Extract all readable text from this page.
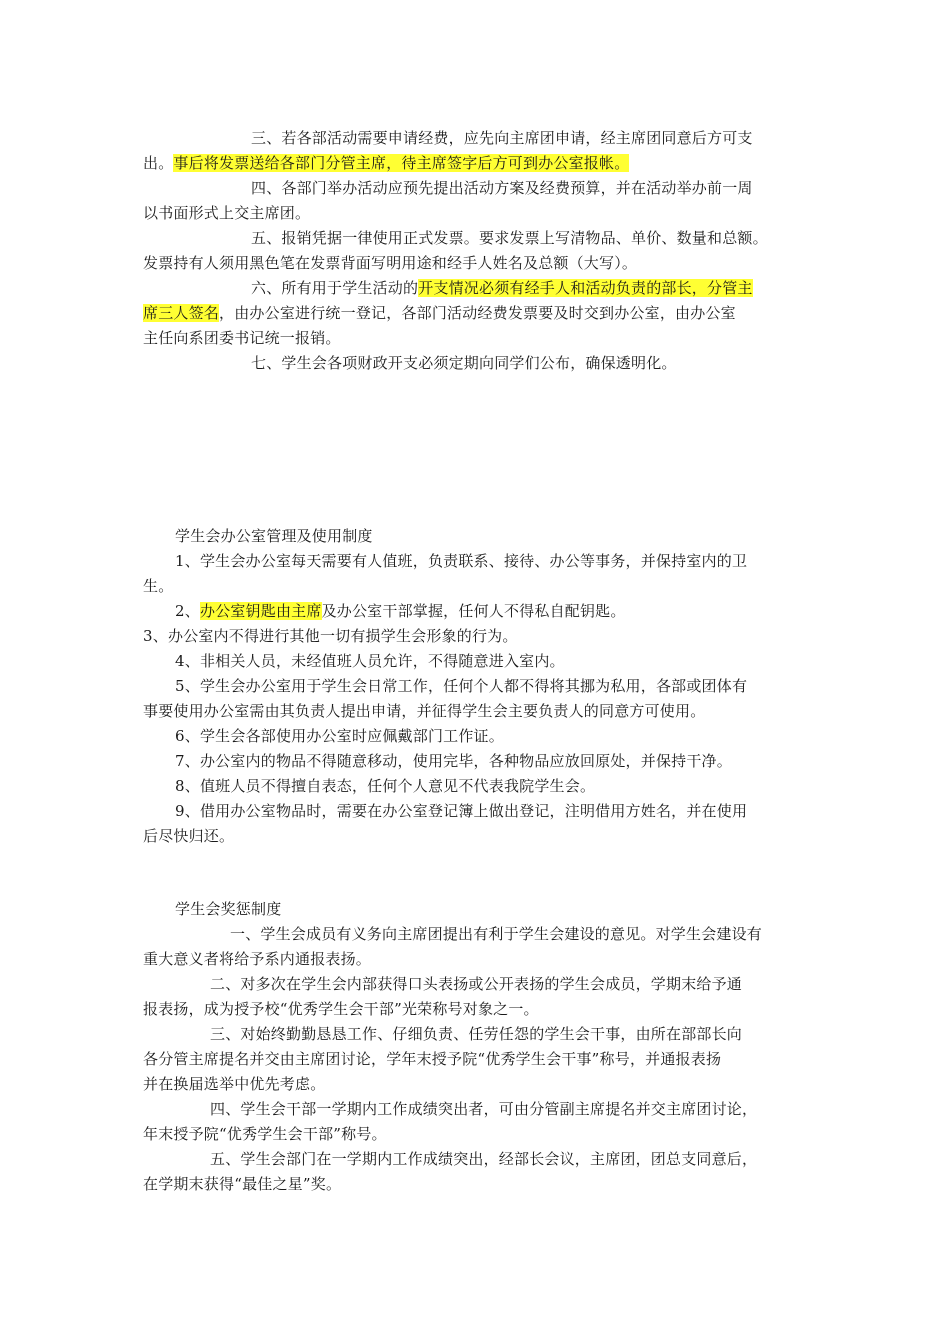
三、若各部活动需要申请经费，应先向主席团申请，经主席团同意后方可支
出。事后将发票送给各部门分管主席，待主席签字后方可到办公室报帐。
四、各部门举办活动应预先提出活动方案及经费预算，并在活动举办前一周
以书面形式上交主席团。
五、报销凭据一律使用正式发票。要求发票上写清物品、单价、数量和总额。
发票持有人须用黑色笔在发票背面写明用途和经手人姓名及总额（大写）。
六、所有用于学生活动的开支情况必须有经手人和活动负责的部长，分管主
席三人签名，由办公室进行统一登记，各部门活动经费发票要及时交到办公室，由办公室
主任向系团委书记统一报销。
七、学生会各项财政开支必须定期向同学们公布，确保透明化。
学生会办公室管理及使用制度
1、学生会办公室每天需要有人值班，负责联系、接待、办公等事务，并保持室内的卫
生。
2、办公室钥匙由主席及办公室干部掌握，任何人不得私自配钥匙。
3、办公室内不得进行其他一切有损学生会形象的行为。
4、非相关人员，未经值班人员允许，不得随意进入室内。
5、学生会办公室用于学生会日常工作，任何个人都不得将其挪为私用，各部或团体有
事要使用办公室需由其负责人提出申请，并征得学生会主要负责人的同意方可使用。
6、学生会各部使用办公室时应佩戴部门工作证。
7、办公室内的物品不得随意移动，使用完毕，各种物品应放回原处，并保持干净。
8、值班人员不得擅自表态，任何个人意见不代表我院学生会。
9、借用办公室物品时，需要在办公室登记簿上做出登记，注明借用方姓名，并在使用
后尽快归还。
学生会奖惩制度
一、学生会成员有义务向主席团提出有利于学生会建设的意见。对学生会建设有
重大意义者将给予系内通报表扬。
二、对多次在学生会内部获得口头表扬或公开表扬的学生会成员，学期末给予通
报表扬，成为授予校“优秀学生会干部”光荣称号对象之一。
三、对始终勤勤恳恳工作、仔细负责、任劳任怨的学生会干事，由所在部部长向
各分管主席提名并交由主席团讨论，学年末授予院“优秀学生会干事”称号，并通报表扬
并在换届选举中优先考虑。
四、学生会干部一学期内工作成绩突出者，可由分管副主席提名并交主席团讨论，
年末授予院“优秀学生会干部”称号。
五、学生会部门在一学期内工作成绩突出，经部长会议，主席团，团总支同意后，
在学期末获得“最佳之星”奖。
